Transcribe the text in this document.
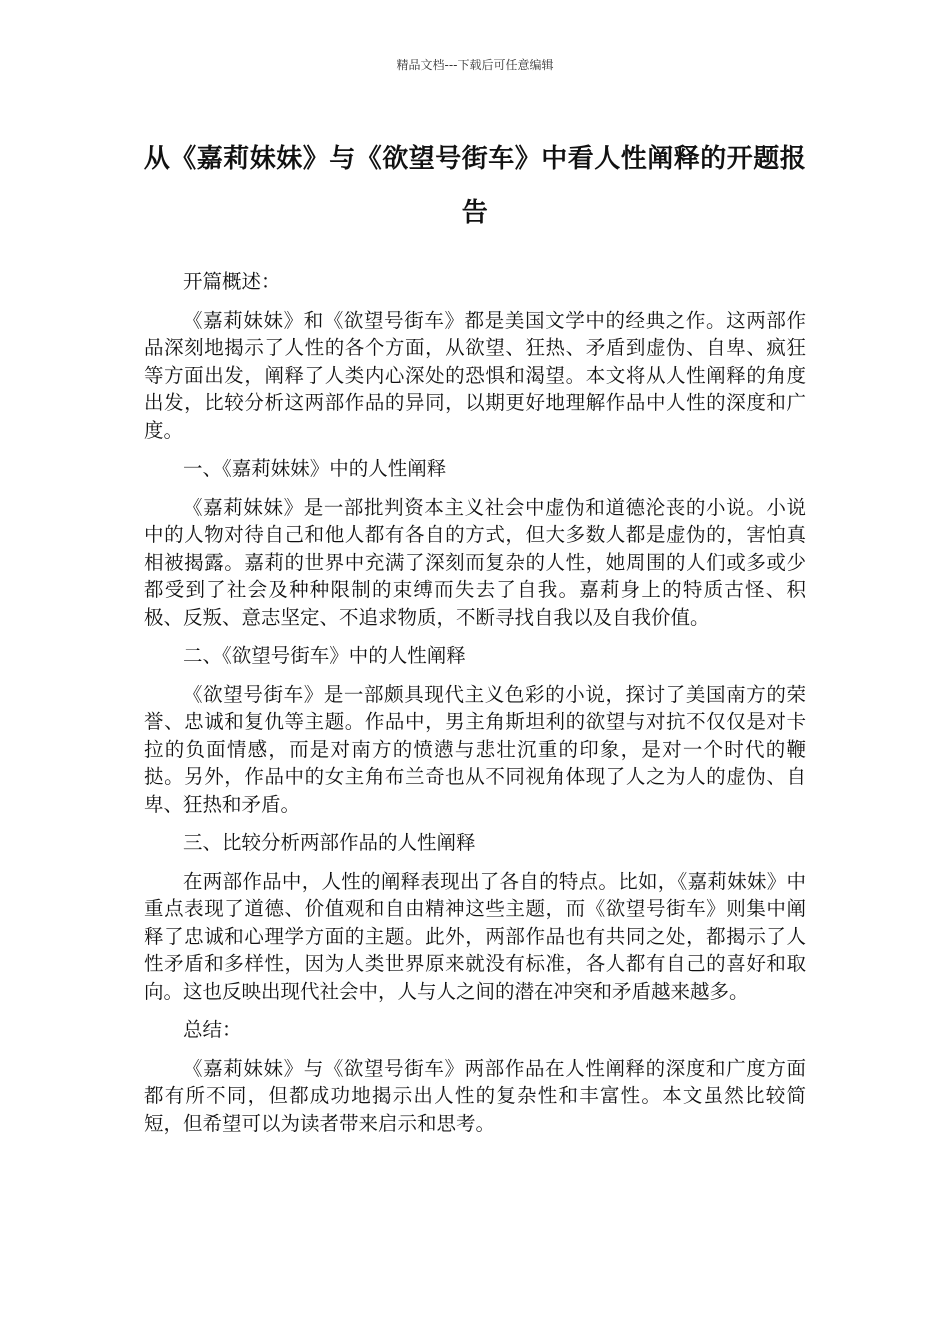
精品文档---下载后可任意编辑
从《嘉莉妹妹》与《欲望号街车》中看人性阐释的开题报告

开篇概述：

《嘉莉妹妹》和《欲望号街车》都是美国文学中的经典之作。这两部作品深刻地揭示了人性的各个方面，从欲望、狂热、矛盾到虚伪、自卑、疯狂等方面出发，阐释了人类内心深处的恐惧和渴望。本文将从人性阐释的角度出发，比较分析这两部作品的异同，以期更好地理解作品中人性的深度和广度。

一、《嘉莉妹妹》中的人性阐释

《嘉莉妹妹》是一部批判资本主义社会中虚伪和道德沦丧的小说。小说中的人物对待自己和他人都有各自的方式，但大多数人都是虚伪的，害怕真相被揭露。嘉莉的世界中充满了深刻而复杂的人性，她周围的人们或多或少都受到了社会及种种限制的束缚而失去了自我。嘉莉身上的特质古怪、积极、反叛、意志坚定、不追求物质，不断寻找自我以及自我价值。

二、《欲望号街车》中的人性阐释

《欲望号街车》是一部颇具现代主义色彩的小说，探讨了美国南方的荣誉、忠诚和复仇等主题。作品中，男主角斯坦利的欲望与对抗不仅仅是对卡拉的负面情感，而是对南方的愤懑与悲壮沉重的印象，是对一个时代的鞭挞。另外，作品中的女主角布兰奇也从不同视角体现了人之为人的虚伪、自卑、狂热和矛盾。

三、比较分析两部作品的人性阐释

在两部作品中，人性的阐释表现出了各自的特点。比如，《嘉莉妹妹》中重点表现了道德、价值观和自由精神这些主题，而《欲望号街车》则集中阐释了忠诚和心理学方面的主题。此外，两部作品也有共同之处，都揭示了人性矛盾和多样性，因为人类世界原来就没有标准，各人都有自己的喜好和取向。这也反映出现代社会中，人与人之间的潜在冲突和矛盾越来越多。

总结：

《嘉莉妹妹》与《欲望号街车》两部作品在人性阐释的深度和广度方面都有所不同，但都成功地揭示出人性的复杂性和丰富性。本文虽然比较简短，但希望可以为读者带来启示和思考。
